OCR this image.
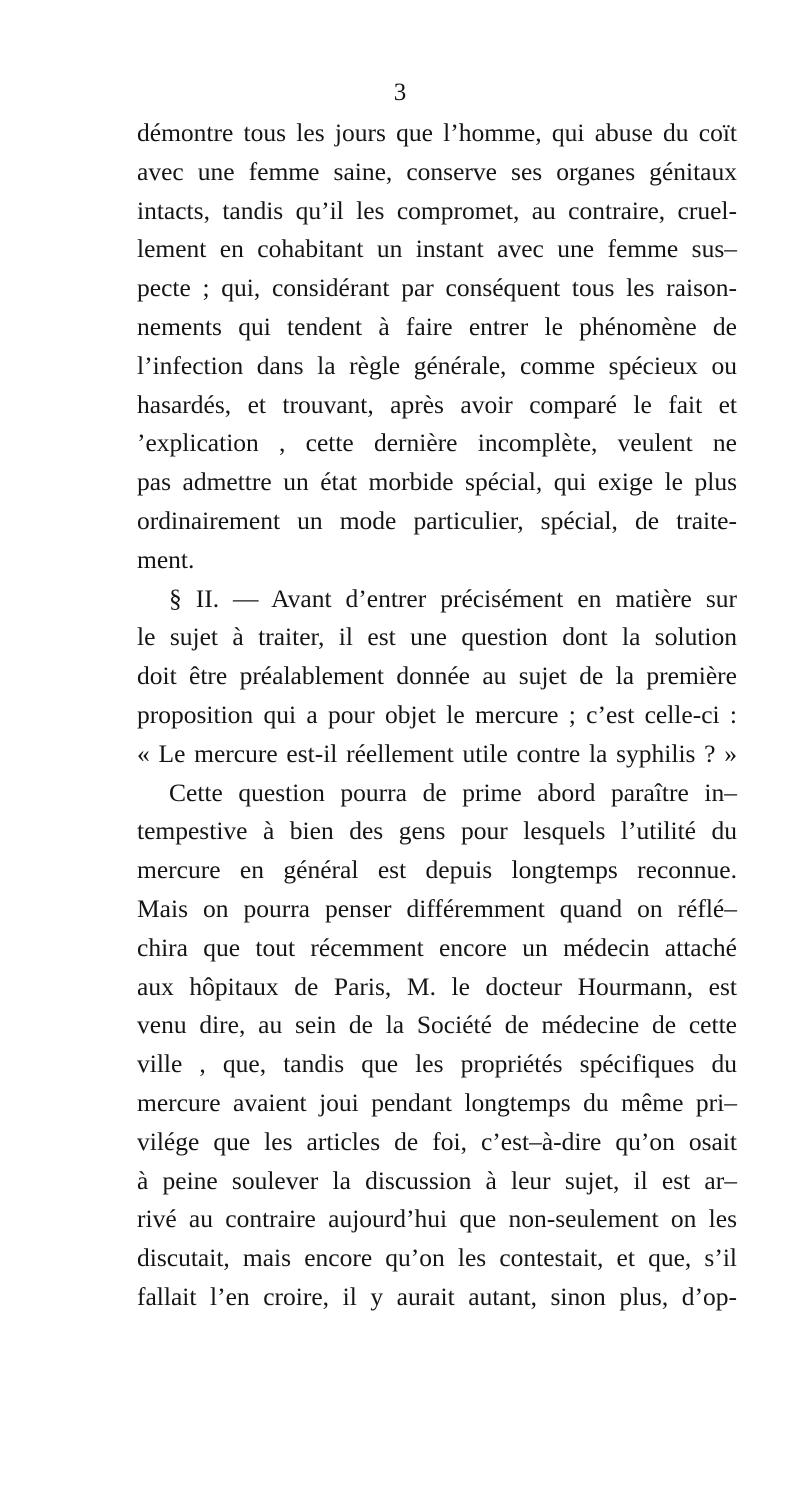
3
démontre tous les jours que l’homme, qui abuse du coït
avec une femme saine, conserve ses organes génitaux
intacts, tandis qu’il les compromet, au contraire, cruel-
lement en cohabitant un instant avec une femme sus–
pecte ; qui, considérant par conséquent tous les raison-
nements qui tendent à faire entrer le phénomène de
l’infection dans la règle générale, comme spécieux ou
hasardés, et trouvant, après avoir comparé le fait et
’explication , cette dernière incomplète, veulent ne
pas admettre un état morbide spécial, qui exige le plus
ordinairement un mode particulier, spécial, de traite-
ment.
§ II. — Avant d’entrer précisément en matière sur
le sujet à traiter, il est une question dont la solution
doit être préalablement donnée au sujet de la première
proposition qui a pour objet le mercure ; c’est celle-ci :
« Le mercure est-il réellement utile contre la syphilis ? »
Cette question pourra de prime abord paraître in–
tempestive à bien des gens pour lesquels l’utilité du
mercure en général est depuis longtemps reconnue.
Mais on pourra penser différemment quand on réflé–
chira que tout récemment encore un médecin attaché
aux hôpitaux de Paris, M. le docteur Hourmann, est
venu dire, au sein de la Société de médecine de cette
ville , que, tandis que les propriétés spécifiques du
mercure avaient joui pendant longtemps du même pri–
vilége que les articles de foi, c’est–à-dire qu’on osait
à peine soulever la discussion à leur sujet, il est ar–
rivé au contraire aujourd’hui que non-seulement on les
discutait, mais encore qu’on les contestait, et que, s’il
fallait l’en croire, il y aurait autant, sinon plus, d’op-
